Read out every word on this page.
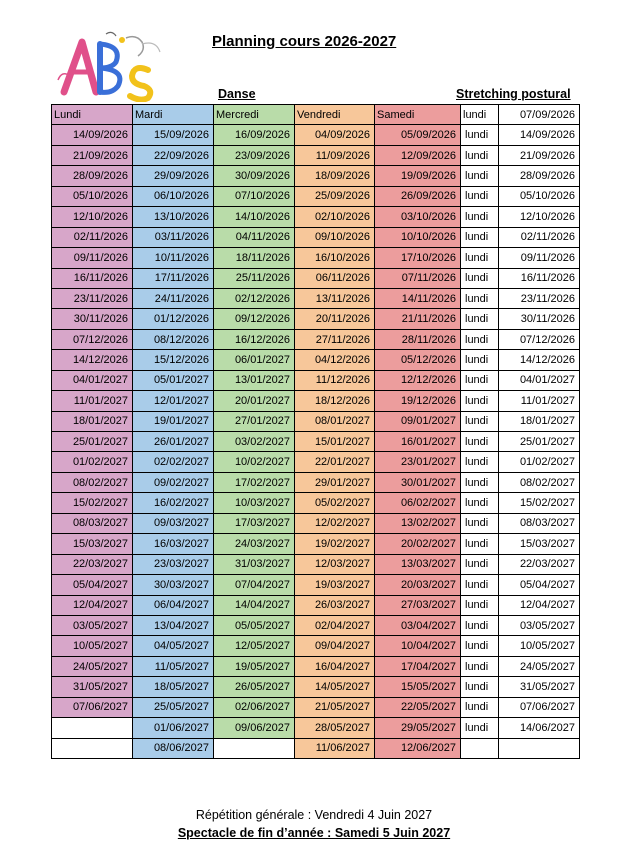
Planning cours 2026-2027
Danse	Stretching postural
Lundi	Mardi	Mercredi	Vendredi	Samedi	lundi	07/09/2026
14/09/2026	15/09/2026	16/09/2026	04/09/2026	05/09/2026	lundi	14/09/2026
21/09/2026	22/09/2026	23/09/2026	11/09/2026	12/09/2026	lundi	21/09/2026
28/09/2026	29/09/2026	30/09/2026	18/09/2026	19/09/2026	lundi	28/09/2026
05/10/2026	06/10/2026	07/10/2026	25/09/2026	26/09/2026	lundi	05/10/2026
12/10/2026	13/10/2026	14/10/2026	02/10/2026	03/10/2026	lundi	12/10/2026
02/11/2026	03/11/2026	04/11/2026	09/10/2026	10/10/2026	lundi	02/11/2026
09/11/2026	10/11/2026	18/11/2026	16/10/2026	17/10/2026	lundi	09/11/2026
16/11/2026	17/11/2026	25/11/2026	06/11/2026	07/11/2026	lundi	16/11/2026
23/11/2026	24/11/2026	02/12/2026	13/11/2026	14/11/2026	lundi	23/11/2026
30/11/2026	01/12/2026	09/12/2026	20/11/2026	21/11/2026	lundi	30/11/2026
07/12/2026	08/12/2026	16/12/2026	27/11/2026	28/11/2026	lundi	07/12/2026
14/12/2026	15/12/2026	06/01/2027	04/12/2026	05/12/2026	lundi	14/12/2026
04/01/2027	05/01/2027	13/01/2027	11/12/2026	12/12/2026	lundi	04/01/2027
11/01/2027	12/01/2027	20/01/2027	18/12/2026	19/12/2026	lundi	11/01/2027
18/01/2027	19/01/2027	27/01/2027	08/01/2027	09/01/2027	lundi	18/01/2027
25/01/2027	26/01/2027	03/02/2027	15/01/2027	16/01/2027	lundi	25/01/2027
01/02/2027	02/02/2027	10/02/2027	22/01/2027	23/01/2027	lundi	01/02/2027
08/02/2027	09/02/2027	17/02/2027	29/01/2027	30/01/2027	lundi	08/02/2027
15/02/2027	16/02/2027	10/03/2027	05/02/2027	06/02/2027	lundi	15/02/2027
08/03/2027	09/03/2027	17/03/2027	12/02/2027	13/02/2027	lundi	08/03/2027
15/03/2027	16/03/2027	24/03/2027	19/02/2027	20/02/2027	lundi	15/03/2027
22/03/2027	23/03/2027	31/03/2027	12/03/2027	13/03/2027	lundi	22/03/2027
05/04/2027	30/03/2027	07/04/2027	19/03/2027	20/03/2027	lundi	05/04/2027
12/04/2027	06/04/2027	14/04/2027	26/03/2027	27/03/2027	lundi	12/04/2027
03/05/2027	13/04/2027	05/05/2027	02/04/2027	03/04/2027	lundi	03/05/2027
10/05/2027	04/05/2027	12/05/2027	09/04/2027	10/04/2027	lundi	10/05/2027
24/05/2027	11/05/2027	19/05/2027	16/04/2027	17/04/2027	lundi	24/05/2027
31/05/2027	18/05/2027	26/05/2027	14/05/2027	15/05/2027	lundi	31/05/2027
07/06/2027	25/05/2027	02/06/2027	21/05/2027	22/05/2027	lundi	07/06/2027
	01/06/2027	09/06/2027	28/05/2027	29/05/2027	lundi	14/06/2027
	08/06/2027		11/06/2027	12/06/2027		
Répétition générale : Vendredi 4 Juin 2027
Spectacle de fin d’année : Samedi 5 Juin 2027
